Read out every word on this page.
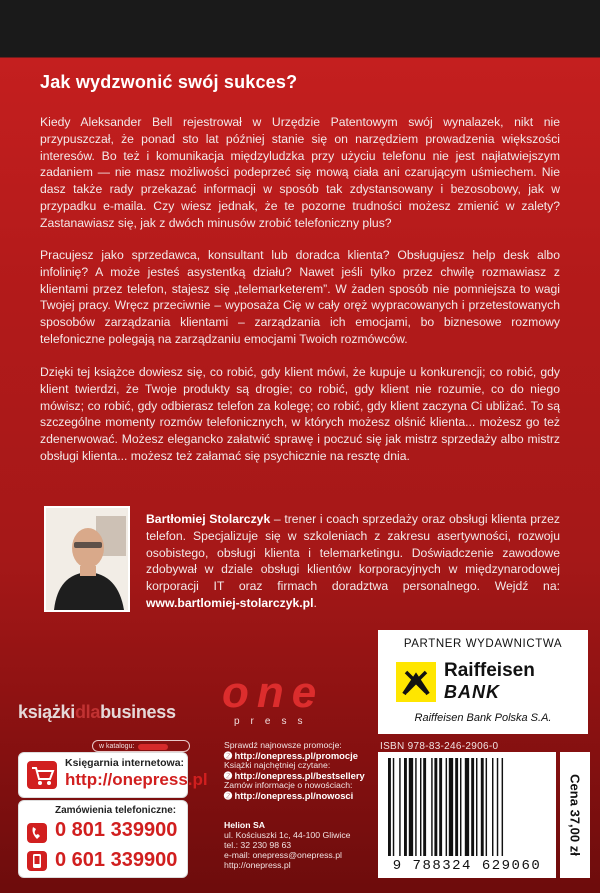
Jak wydzwonić swój sukces?

Kiedy Aleksander Bell rejestrował w Urzędzie Patentowym swój wynalazek, nikt nie przypuszczał, że ponad sto lat później stanie się on narzędziem prowadzenia większości interesów. Bo też i komunikacja międzyludzka przy użyciu telefonu nie jest najłatwiejszym zadaniem — nie masz możliwości podeprzeć się mową ciała ani czarującym uśmiechem. Nie dasz także rady przekazać informacji w sposób tak zdystansowany i bezosobowy, jak w przypadku e-maila. Czy wiesz jednak, że te pozorne trudności możesz zmienić w zalety? Zastanawiasz się, jak z dwóch minusów zrobić telefoniczny plus?

Pracujesz jako sprzedawca, konsultant lub doradca klienta? Obsługujesz help desk albo infolinię? A może jesteś asystentką działu? Nawet jeśli tylko przez chwilę rozmawiasz z klientami przez telefon, stajesz się „telemarketerem”. W żaden sposób nie pomniejsza to wagi Twojej pracy. Wręcz przeciwnie – wyposaża Cię w cały oręż wypracowanych i przetestowanych sposobów zarządzania klientami – zarządzania ich emocjami, bo biznesowe rozmowy telefoniczne polegają na zarządzaniu emocjami Twoich rozmówców.

Dzięki tej książce dowiesz się, co robić, gdy klient mówi, że kupuje u konkurencji; co robić, gdy klient twierdzi, że Twoje produkty są drogie; co robić, gdy klient nie rozumie, co do niego mówisz; co robić, gdy odbierasz telefon za kolegę; co robić, gdy klient zaczyna Ci ubliżać. To są szczególne momenty rozmów telefonicznych, w których możesz olśnić klienta... możesz go też zdenerwować. Możesz elegancko załatwić sprawę i poczuć się jak mistrz sprzedaży albo mistrz obsługi klienta... możesz też załamać się psychicznie na resztę dnia.

Bartłomiej Stolarczyk – trener i coach sprzedaży oraz obsługi klienta przez telefon. Specjalizuje się w szkoleniach z zakresu asertywności, rozwoju osobistego, obsługi klienta i telemarketingu. Doświadczenie zawodowe zdobywał w dziale obsługi klientów korporacyjnych w międzynarodowej korporacji IT oraz firmach doradztwa personalnego. Wejdź na: www.bartlomiej-stolarczyk.pl.

PARTNER WYDAWNICTWA
Raiffeisen
BANK
Raiffeisen Bank Polska S.A.
książkidlabusiness
w katalogu:
Księgarnia internetowa:
http://onepress.pl
Zamówienia telefoniczne:
0 801 339900
0 601 339900
one
press
Sprawdź najnowsze promocje:
➋ http://onepress.pl/promocje
Książki najchętniej czytane:
➋ http://onepress.pl/bestsellery
Zamów informacje o nowościach:
➋ http://onepress.pl/nowosci
Helion SA
ul. Kościuszki 1c, 44-100 Gliwice
tel.: 32 230 98 63
e-mail: onepress@onepress.pl
http://onepress.pl
ISBN 978-83-246-2906-0
9 788324 629060
Cena 37,00 zł
